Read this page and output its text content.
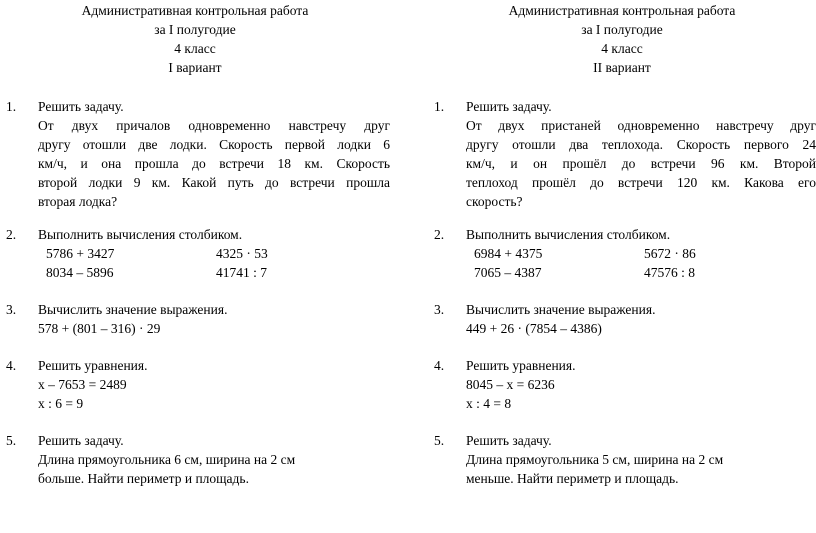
Административная контрольная работа
за I полугодие
4 класс
I вариант
1. Решить задачу.
От двух причалов одновременно навстречу друг
другу отошли две лодки. Скорость первой лодки 6
км/ч, и она прошла до встречи 18 км. Скорость
второй лодки 9 км. Какой путь до встречи прошла
вторая лодка?
2. Выполнить вычисления столбиком.
5786 + 3427	4325 · 53
8034 – 5896	41741 : 7
3. Вычислить значение выражения.
578 + (801 – 316) · 29
4. Решить уравнения.
х – 7653 = 2489
х : 6 = 9
5. Решить задачу.
Длина прямоугольника 6 см, ширина на 2 см
больше. Найти периметр и площадь.
Административная контрольная работа
за I полугодие
4 класс
II вариант
1. Решить задачу.
От двух пристаней одновременно навстречу друг
другу отошли два теплохода. Скорость первого 24
км/ч, и он прошёл до встречи 96 км. Второй
теплоход прошёл до встречи 120 км. Какова его
скорость?
2. Выполнить вычисления столбиком.
6984 + 4375	5672 · 86
7065 – 4387	47576 : 8
3. Вычислить значение выражения.
449 + 26 · (7854 – 4386)
4. Решить уравнения.
8045 – х = 6236
х : 4 = 8
5. Решить задачу.
Длина прямоугольника 5 см, ширина на 2 см
меньше. Найти периметр и площадь.
